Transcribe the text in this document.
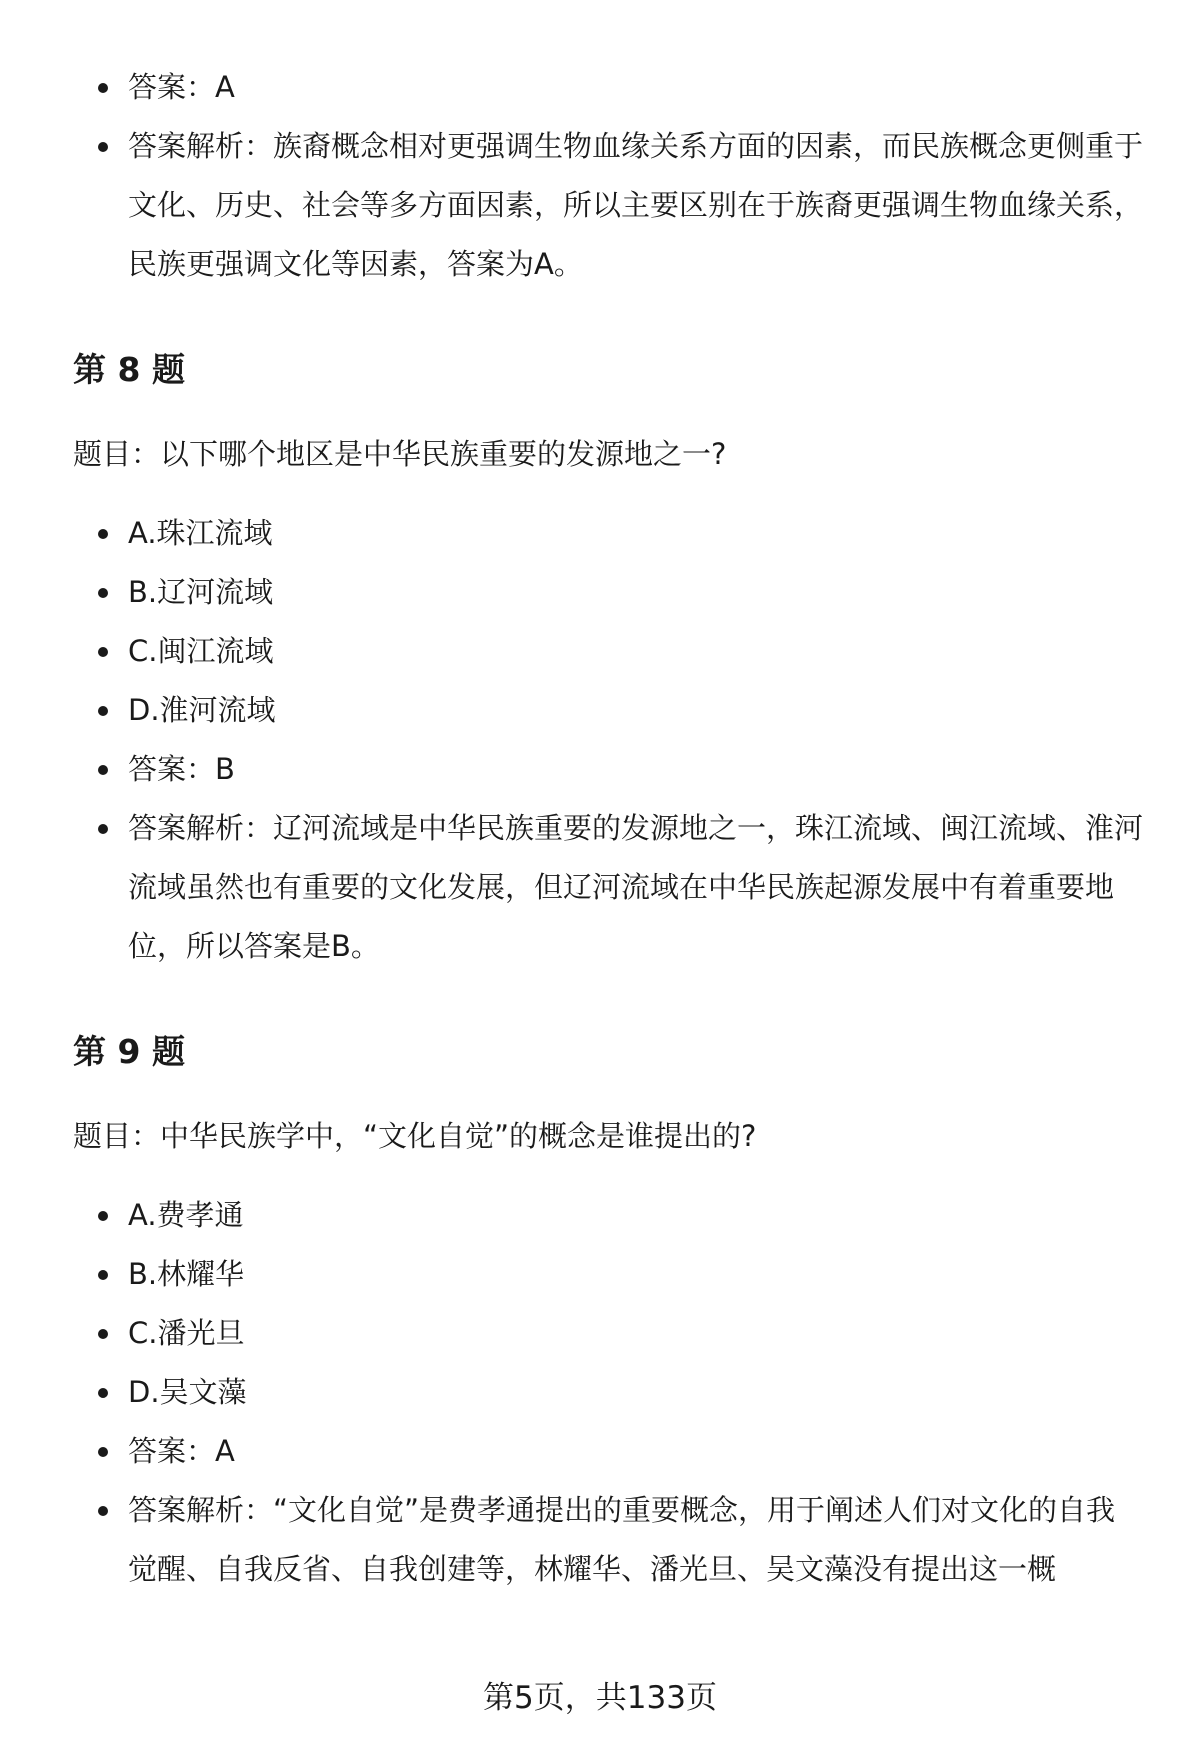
答案：A
答案解析：族裔概念相对更强调生物血缘关系方面的因素，而民族概念更侧重于文化、历史、社会等多方面因素，所以主要区别在于族裔更强调生物血缘关系，民族更强调文化等因素，答案为A。
第 8 题

题目：以下哪个地区是中华民族重要的发源地之一?

A.珠江流域
B.辽河流域
C.闽江流域
D.淮河流域
答案：B
答案解析：辽河流域是中华民族重要的发源地之一，珠江流域、闽江流域、淮河流域虽然也有重要的文化发展，但辽河流域在中华民族起源发展中有着重要地位，所以答案是B。
第 9 题

题目：中华民族学中，“文化自觉”的概念是谁提出的?

A.费孝通
B.林耀华
C.潘光旦
D.吴文藻
答案：A
答案解析：“文化自觉”是费孝通提出的重要概念，用于阐述人们对文化的自我觉醒、自我反省、自我创建等，林耀华、潘光旦、吴文藻没有提出这一概
第5页，共133页
